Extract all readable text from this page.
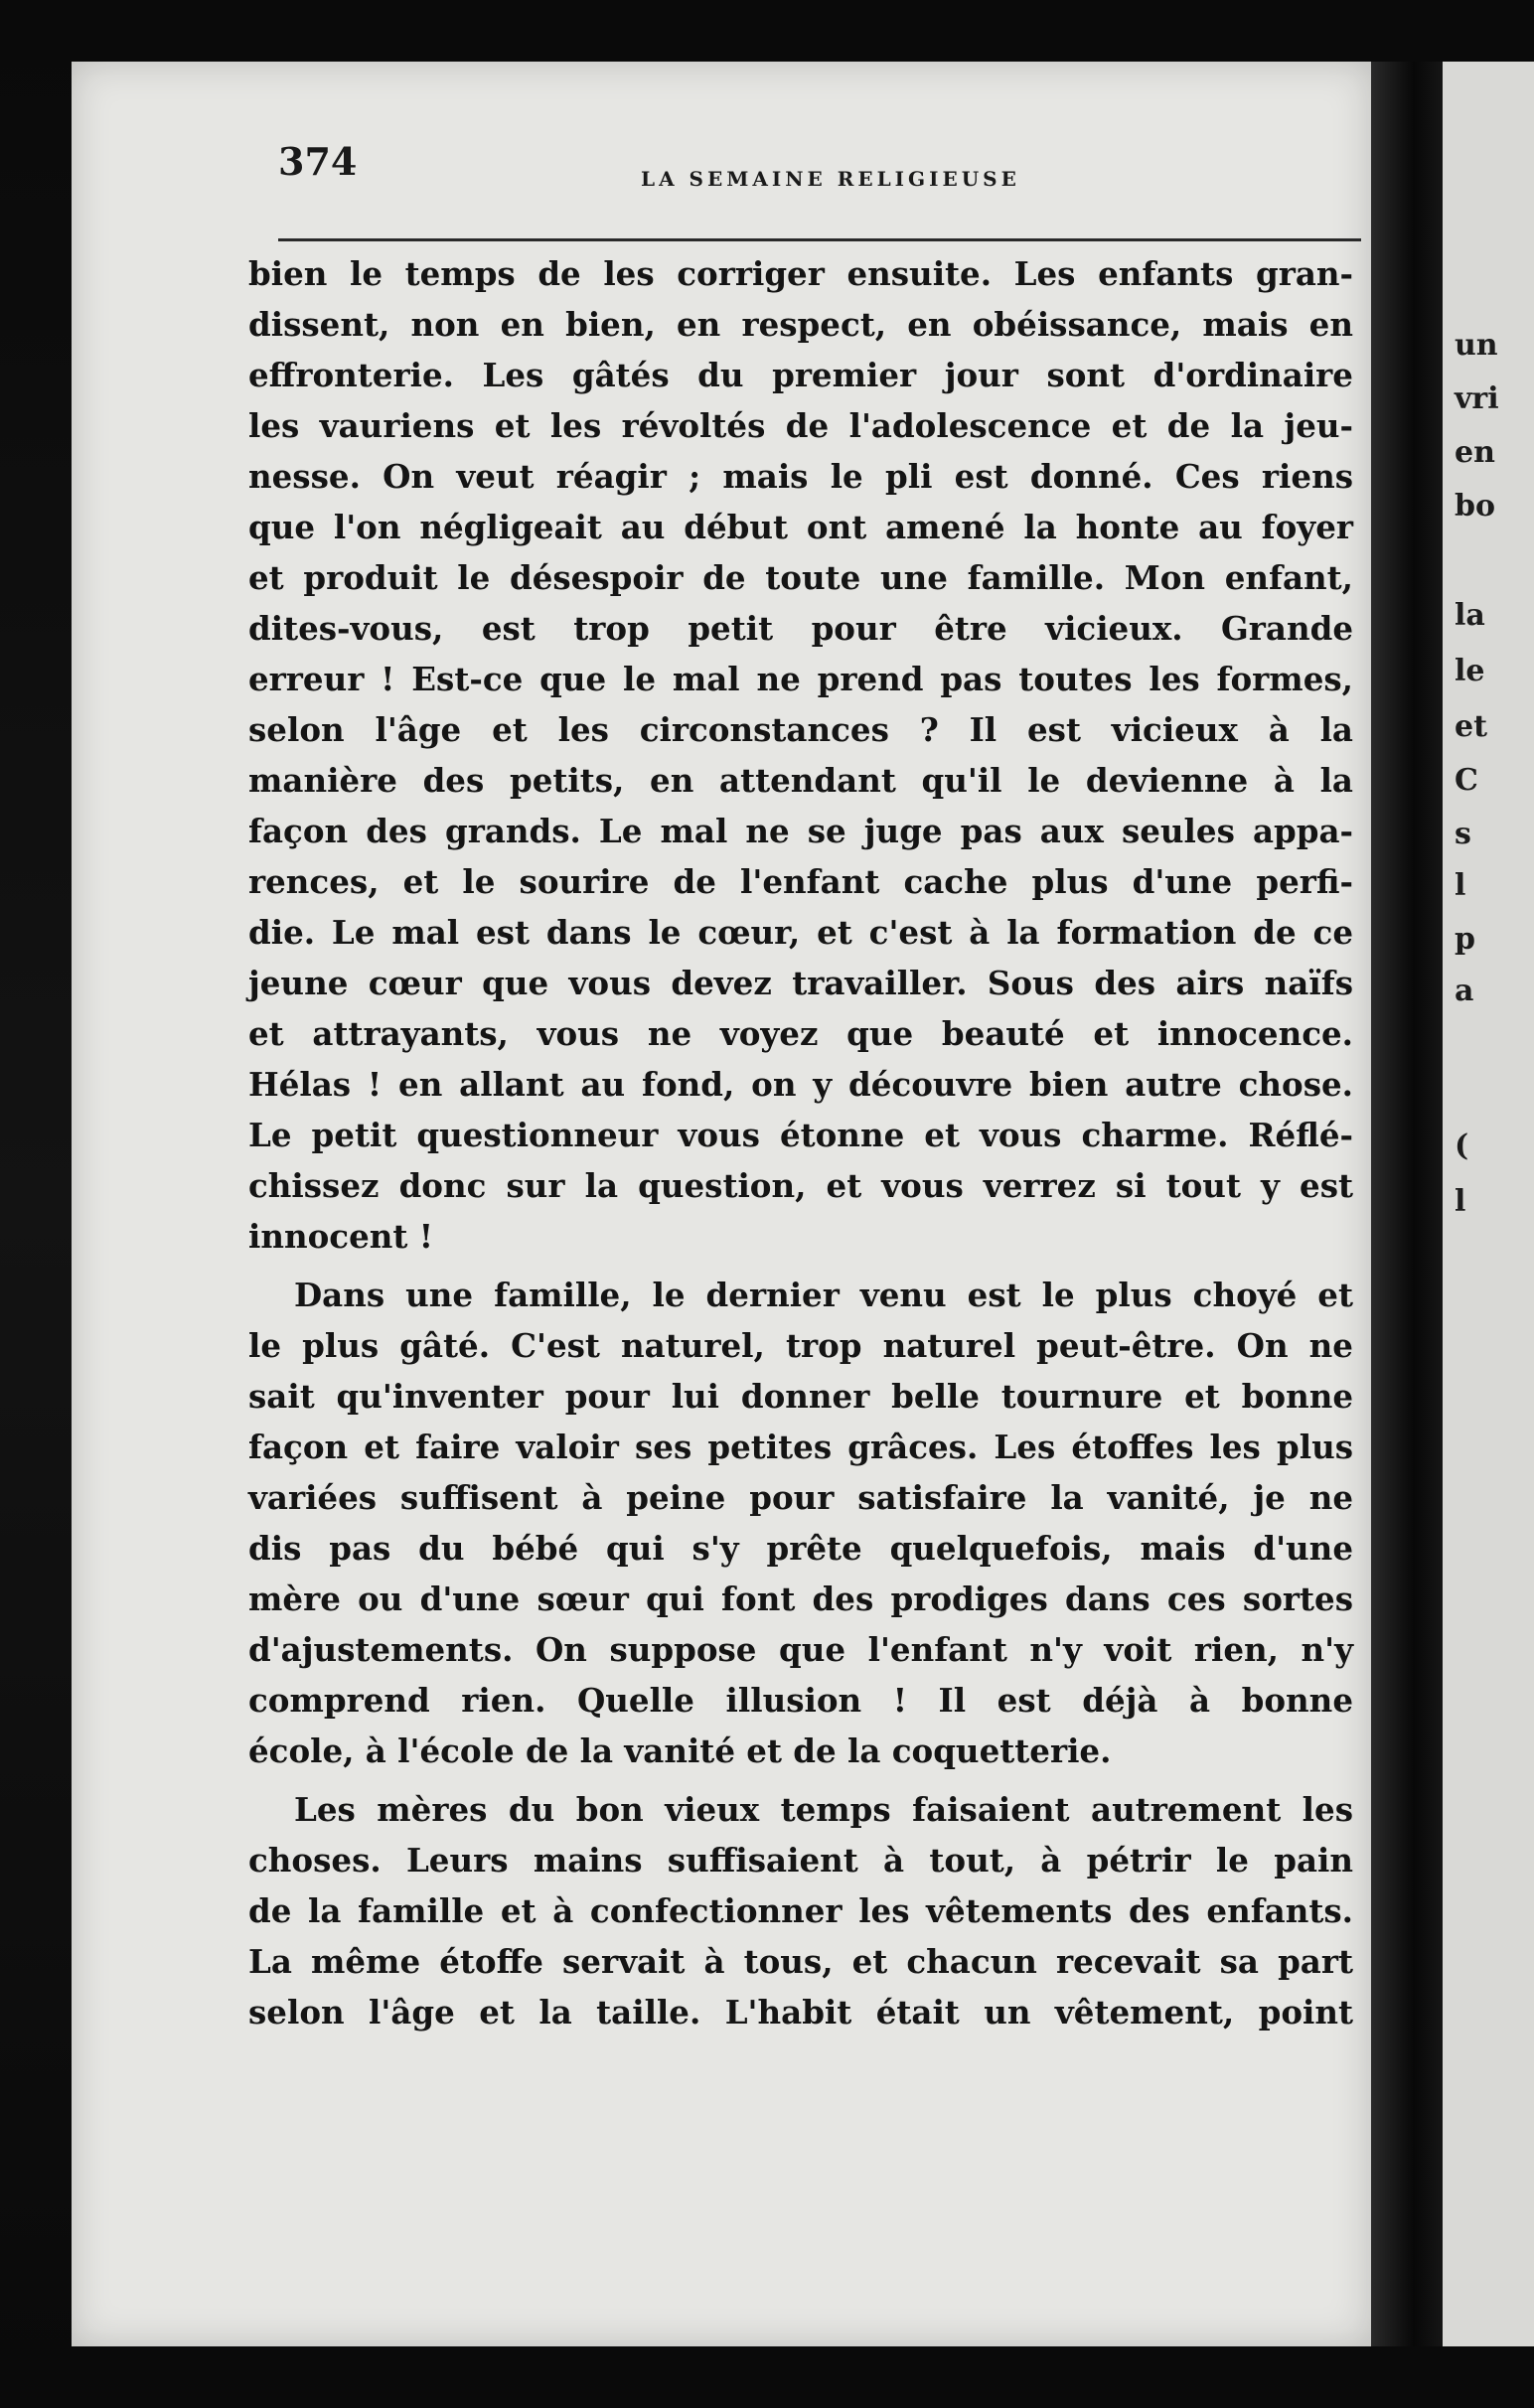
un
vri
en
bo
la
le
et
C
s
l
p
a
(
l
374	LA SEMAINE RELIGIEUSE
bien le temps de les corriger ensuite. Les enfants gran-
dissent, non en bien, en respect, en obéissance, mais en
effronterie. Les gâtés du premier jour sont d'ordinaire
les vauriens et les révoltés de l'adolescence et de la jeu-
nesse. On veut réagir ; mais le pli est donné. Ces riens
que l'on négligeait au début ont amené la honte au foyer
et produit le désespoir de toute une famille. Mon enfant,
dites-vous, est trop petit pour être vicieux. Grande
erreur ! Est-ce que le mal ne prend pas toutes les formes,
selon l'âge et les circonstances ? Il est vicieux à la
manière des petits, en attendant qu'il le devienne à la
façon des grands. Le mal ne se juge pas aux seules appa-
rences, et le sourire de l'enfant cache plus d'une perfi-
die. Le mal est dans le cœur, et c'est à la formation de ce
jeune cœur que vous devez travailler. Sous des airs naïfs
et attrayants, vous ne voyez que beauté et innocence.
Hélas ! en allant au fond, on y découvre bien autre chose.
Le petit questionneur vous étonne et vous charme. Réflé-
chissez donc sur la question, et vous verrez si tout y est
innocent !
Dans une famille, le dernier venu est le plus choyé et
le plus gâté. C'est naturel, trop naturel peut-être. On ne
sait qu'inventer pour lui donner belle tournure et bonne
façon et faire valoir ses petites grâces. Les étoffes les plus
variées suffisent à peine pour satisfaire la vanité, je ne
dis pas du bébé qui s'y prête quelquefois, mais d'une
mère ou d'une sœur qui font des prodiges dans ces sortes
d'ajustements. On suppose que l'enfant n'y voit rien, n'y
comprend rien. Quelle illusion ! Il est déjà à bonne
école, à l'école de la vanité et de la coquetterie.
Les mères du bon vieux temps faisaient autrement les
choses. Leurs mains suffisaient à tout, à pétrir le pain
de la famille et à confectionner les vêtements des enfants.
La même étoffe servait à tous, et chacun recevait sa part
selon l'âge et la taille. L'habit était un vêtement, point
